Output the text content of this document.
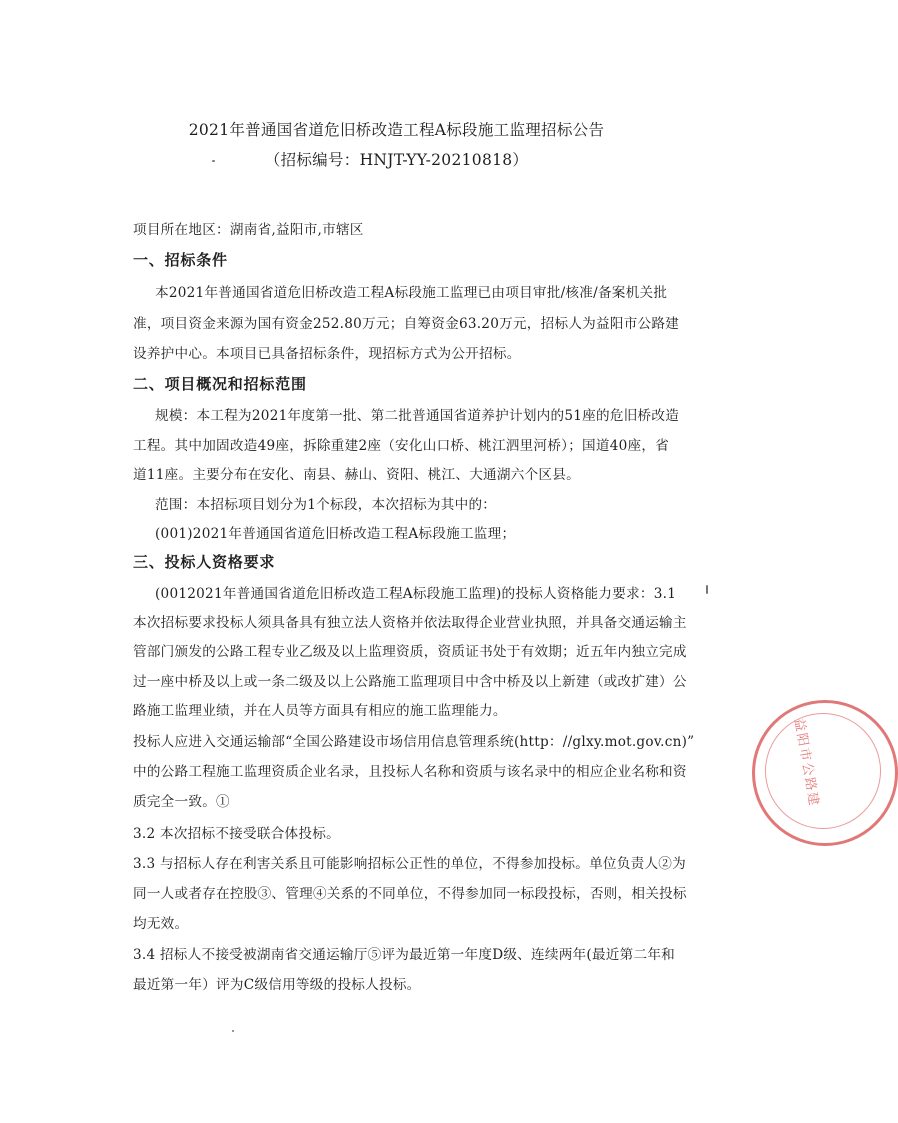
2021年普通国省道危旧桥改造工程A标段施工监理招标公告
（招标编号：HNJT-YY-20210818）
项目所在地区：湖南省,益阳市,市辖区
一、招标条件
本2021年普通国省道危旧桥改造工程A标段施工监理已由项目审批/核准/备案机关批
准，项目资金来源为国有资金252.80万元；自筹资金63.20万元，招标人为益阳市公路建
设养护中心。本项目已具备招标条件，现招标方式为公开招标。
二、项目概况和招标范围
规模：本工程为2021年度第一批、第二批普通国省道养护计划内的51座的危旧桥改造
工程。其中加固改造49座，拆除重建2座（安化山口桥、桃江泗里河桥）；国道40座，省
道11座。主要分布在安化、南县、赫山、资阳、桃江、大通湖六个区县。
范围：本招标项目划分为1个标段，本次招标为其中的：
(001)2021年普通国省道危旧桥改造工程A标段施工监理；
三、投标人资格要求
(0012021年普通国省道危旧桥改造工程A标段施工监理)的投标人资格能力要求：3.1
本次招标要求投标人须具备具有独立法人资格并依法取得企业营业执照，并具备交通运输主
管部门颁发的公路工程专业乙级及以上监理资质，资质证书处于有效期；近五年内独立完成
过一座中桥及以上或一条二级及以上公路施工监理项目中含中桥及以上新建（或改扩建）公
路施工监理业绩，并在人员等方面具有相应的施工监理能力。
投标人应进入交通运输部“全国公路建设市场信用信息管理系统(http：//glxy.mot.gov.cn)”
中的公路工程施工监理资质企业名录，且投标人名称和资质与该名录中的相应企业名称和资
质完全一致。①
3.2 本次招标不接受联合体投标。
3.3 与招标人存在利害关系且可能影响招标公正性的单位，不得参加投标。单位负责人②为
同一人或者存在控股③、管理④关系的不同单位，不得参加同一标段投标，否则，相关投标
均无效。
3.4 招标人不接受被湖南省交通运输厅⑤评为最近第一年度D级、连续两年(最近第二年和
最近第一年）评为C级信用等级的投标人投标。
益阳市公路建
